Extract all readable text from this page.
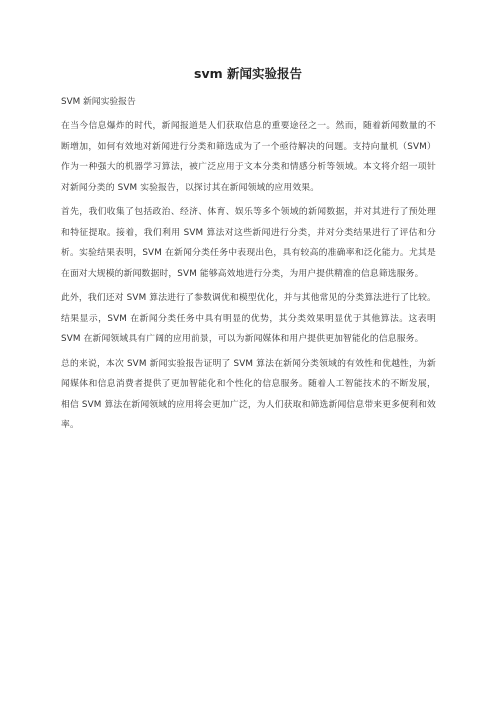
svm 新闻实验报告

SVM 新闻实验报告

在当今信息爆炸的时代，新闻报道是人们获取信息的重要途径之一。然而，随着新闻数量的不断增加，如何有效地对新闻进行分类和筛选成为了一个亟待解决的问题。支持向量机（SVM）作为一种强大的机器学习算法，被广泛应用于文本分类和情感分析等领域。本文将介绍一项针对新闻分类的 SVM 实验报告，以探讨其在新闻领域的应用效果。

首先，我们收集了包括政治、经济、体育、娱乐等多个领域的新闻数据，并对其进行了预处理和特征提取。接着，我们利用 SVM 算法对这些新闻进行分类，并对分类结果进行了评估和分析。实验结果表明，SVM 在新闻分类任务中表现出色，具有较高的准确率和泛化能力。尤其是在面对大规模的新闻数据时，SVM 能够高效地进行分类，为用户提供精准的信息筛选服务。

此外，我们还对 SVM 算法进行了参数调优和模型优化，并与其他常见的分类算法进行了比较。结果显示，SVM 在新闻分类任务中具有明显的优势，其分类效果明显优于其他算法。这表明 SVM 在新闻领域具有广阔的应用前景，可以为新闻媒体和用户提供更加智能化的信息服务。

总的来说，本次 SVM 新闻实验报告证明了 SVM 算法在新闻分类领域的有效性和优越性，为新闻媒体和信息消费者提供了更加智能化和个性化的信息服务。随着人工智能技术的不断发展，相信 SVM 算法在新闻领域的应用将会更加广泛，为人们获取和筛选新闻信息带来更多便利和效率。
